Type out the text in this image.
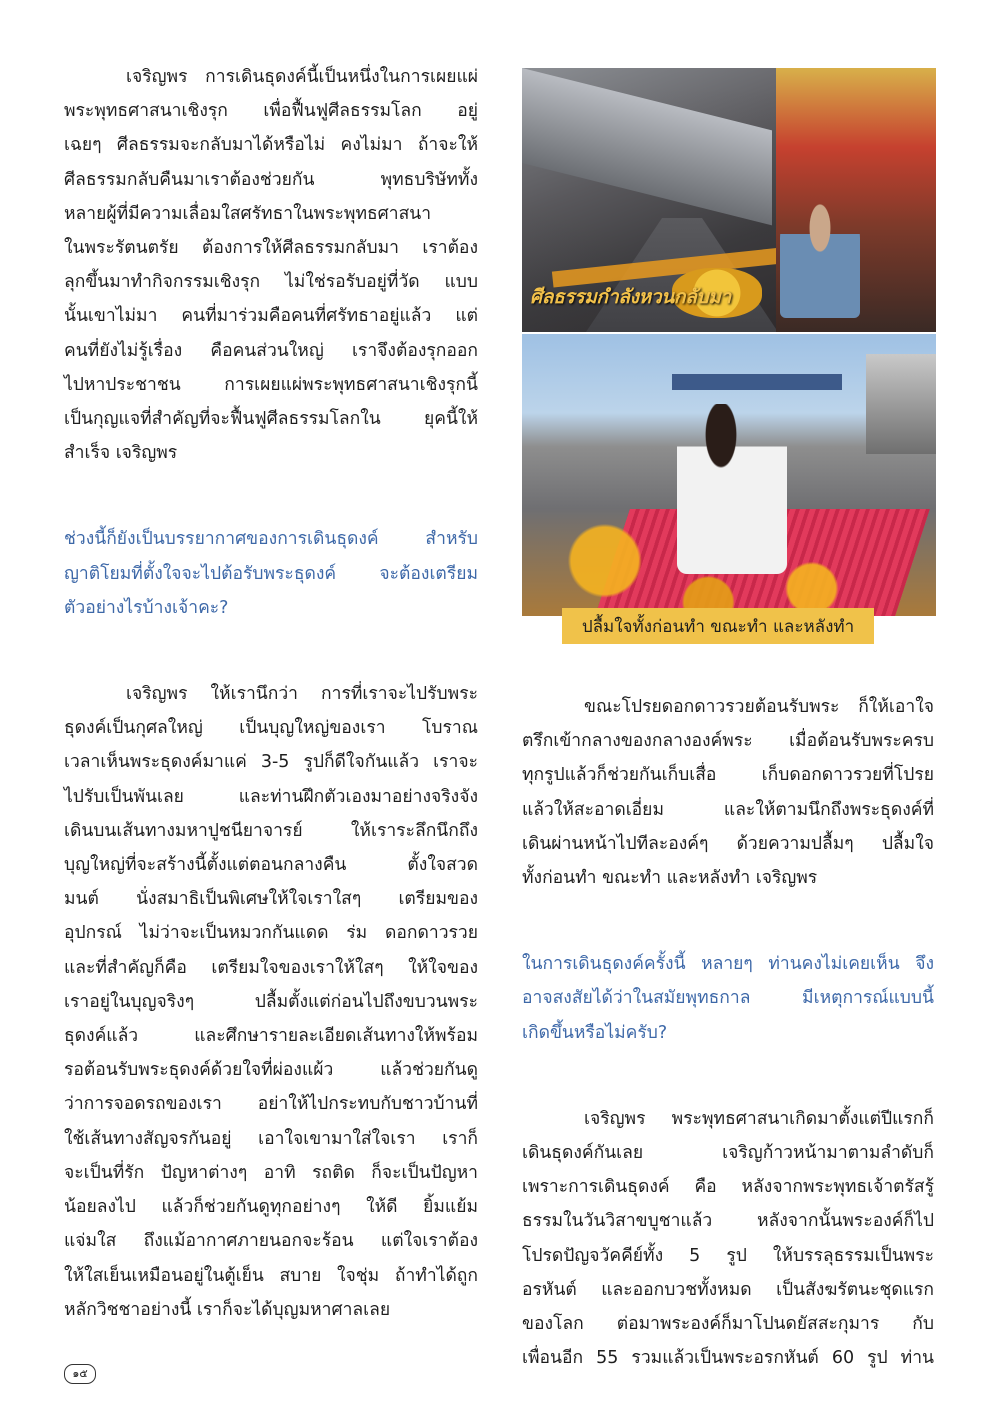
เจริญพร การเดินธุดงค์นี้เป็นหนึ่งในการเผยแผ่
พระพุทธศาสนาเชิงรุก เพื่อฟื้นฟูศีลธรรมโลก อยู่
เฉยๆ ศีลธรรมจะกลับมาได้หรือไม่ คงไม่มา ถ้าจะให้
ศีลธรรมกลับคืนมาเราต้องช่วยกัน พุทธบริษัททั้ง
หลายผู้ที่มีความเลื่อมใสศรัทธาในพระพุทธศาสนา
ในพระรัตนตรัย ต้องการให้ศีลธรรมกลับมา เราต้อง
ลุกขึ้นมาทำกิจกรรมเชิงรุก ไม่ใช่รอรับอยู่ที่วัด แบบ
นั้นเขาไม่มา คนที่มาร่วมคือคนที่ศรัทธาอยู่แล้ว แต่
คนที่ยังไม่รู้เรื่อง คือคนส่วนใหญ่ เราจึงต้องรุกออก
ไปหาประชาชน การเผยแผ่พระพุทธศาสนาเชิงรุกนี้
เป็นกุญแจที่สำคัญที่จะฟื้นฟูศีลธรรมโลกใน ยุคนี้ให้
สำเร็จ เจริญพร

ช่วงนี้ก็ยังเป็นบรรยากาศของการเดินธุดงค์ สำหรับ
ญาติโยมที่ตั้งใจจะไปต้อรับพระธุดงค์ จะต้องเตรียม
ตัวอย่างไรบ้างเจ้าคะ?

เจริญพร ให้เรานึกว่า การที่เราจะไปรับพระ
ธุดงค์เป็นกุศลใหญ่ เป็นบุญใหญ่ของเรา โบราณ
เวลาเห็นพระธุดงค์มาแค่ 3-5 รูปก็ดีใจกันแล้ว เราจะ
ไปรับเป็นพันเลย และท่านฝึกตัวเองมาอย่างจริงจัง
เดินบนเส้นทางมหาปูชนียาจารย์ ให้เราระลึกนึกถึง
บุญใหญ่ที่จะสร้างนี้ตั้งแต่ตอนกลางคืน ตั้งใจสวด
มนต์ นั่งสมาธิเป็นพิเศษให้ใจเราใสๆ เตรียมของ
อุปกรณ์ ไม่ว่าจะเป็นหมวกกันแดด ร่ม ดอกดาวรวย
และที่สำคัญก็คือ เตรียมใจของเราให้ใสๆ ให้ใจของ
เราอยู่ในบุญจริงๆ ปลื้มตั้งแต่ก่อนไปถึงขบวนพระ
ธุดงค์แล้ว และศึกษารายละเอียดเส้นทางให้พร้อม
รอต้อนรับพระธุดงค์ด้วยใจที่ผ่องแผ้ว แล้วช่วยกันดู
ว่าการจอดรถของเรา อย่าให้ไปกระทบกับชาวบ้านที่
ใช้เส้นทางสัญจรกันอยู่ เอาใจเขามาใส่ใจเรา เราก็
จะเป็นที่รัก ปัญหาต่างๆ อาทิ รถติด ก็จะเป็นปัญหา
น้อยลงไป แล้วก็ช่วยกันดูทุกอย่างๆ ให้ดี ยิ้มแย้ม
แจ่มใส ถึงแม้อากาศภายนอกจะร้อน แต่ใจเราต้อง
ให้ใสเย็นเหมือนอยู่ในตู้เย็น สบาย ใจชุ่ม ถ้าทำได้ถูก
หลักวิชชาอย่างนี้ เราก็จะได้บุญมหาศาลเลย

ศีลธรรมกำลังหวนกลับมา
ปลื้มใจทั้งก่อนทำ ขณะทำ และหลังทำ

ขณะโปรยดอกดาวรวยต้อนรับพระ ก็ให้เอาใจ
ตรึกเข้ากลางของกลางองค์พระ เมื่อต้อนรับพระครบ
ทุกรูปแล้วก็ช่วยกันเก็บเสื่อ เก็บดอกดาวรวยที่โปรย
แล้วให้สะอาดเอี่ยม และให้ตามนึกถึงพระธุดงค์ที่
เดินผ่านหน้าไปทีละองค์ๆ ด้วยความปลื้มๆ ปลื้มใจ
ทั้งก่อนทำ ขณะทำ และหลังทำ เจริญพร

ในการเดินธุดงค์ครั้งนี้ หลายๆ ท่านคงไม่เคยเห็น จึง
อาจสงสัยได้ว่าในสมัยพุทธกาล มีเหตุการณ์แบบนี้
เกิดขึ้นหรือไม่ครับ?

เจริญพร พระพุทธศาสนาเกิดมาตั้งแต่ปีแรกก็
เดินธุดงค์กันเลย เจริญก้าวหน้ามาตามลำดับก็
เพราะการเดินธุดงค์ คือ หลังจากพระพุทธเจ้าตรัสรู้
ธรรมในวันวิสาขบูชาแล้ว หลังจากนั้นพระองค์ก็ไป
โปรดปัญจวัคคีย์ทั้ง 5 รูป ให้บรรลุธรรมเป็นพระ
อรหันต์ และออกบวชทั้งหมด เป็นสังฆรัตนะชุดแรก
ของโลก ต่อมาพระองค์ก็มาโปนดยัสสะกุมาร กับ
เพื่อนอีก 55 รวมแล้วเป็นพระอรกหันต์ 60 รูป ท่าน

๑๕
